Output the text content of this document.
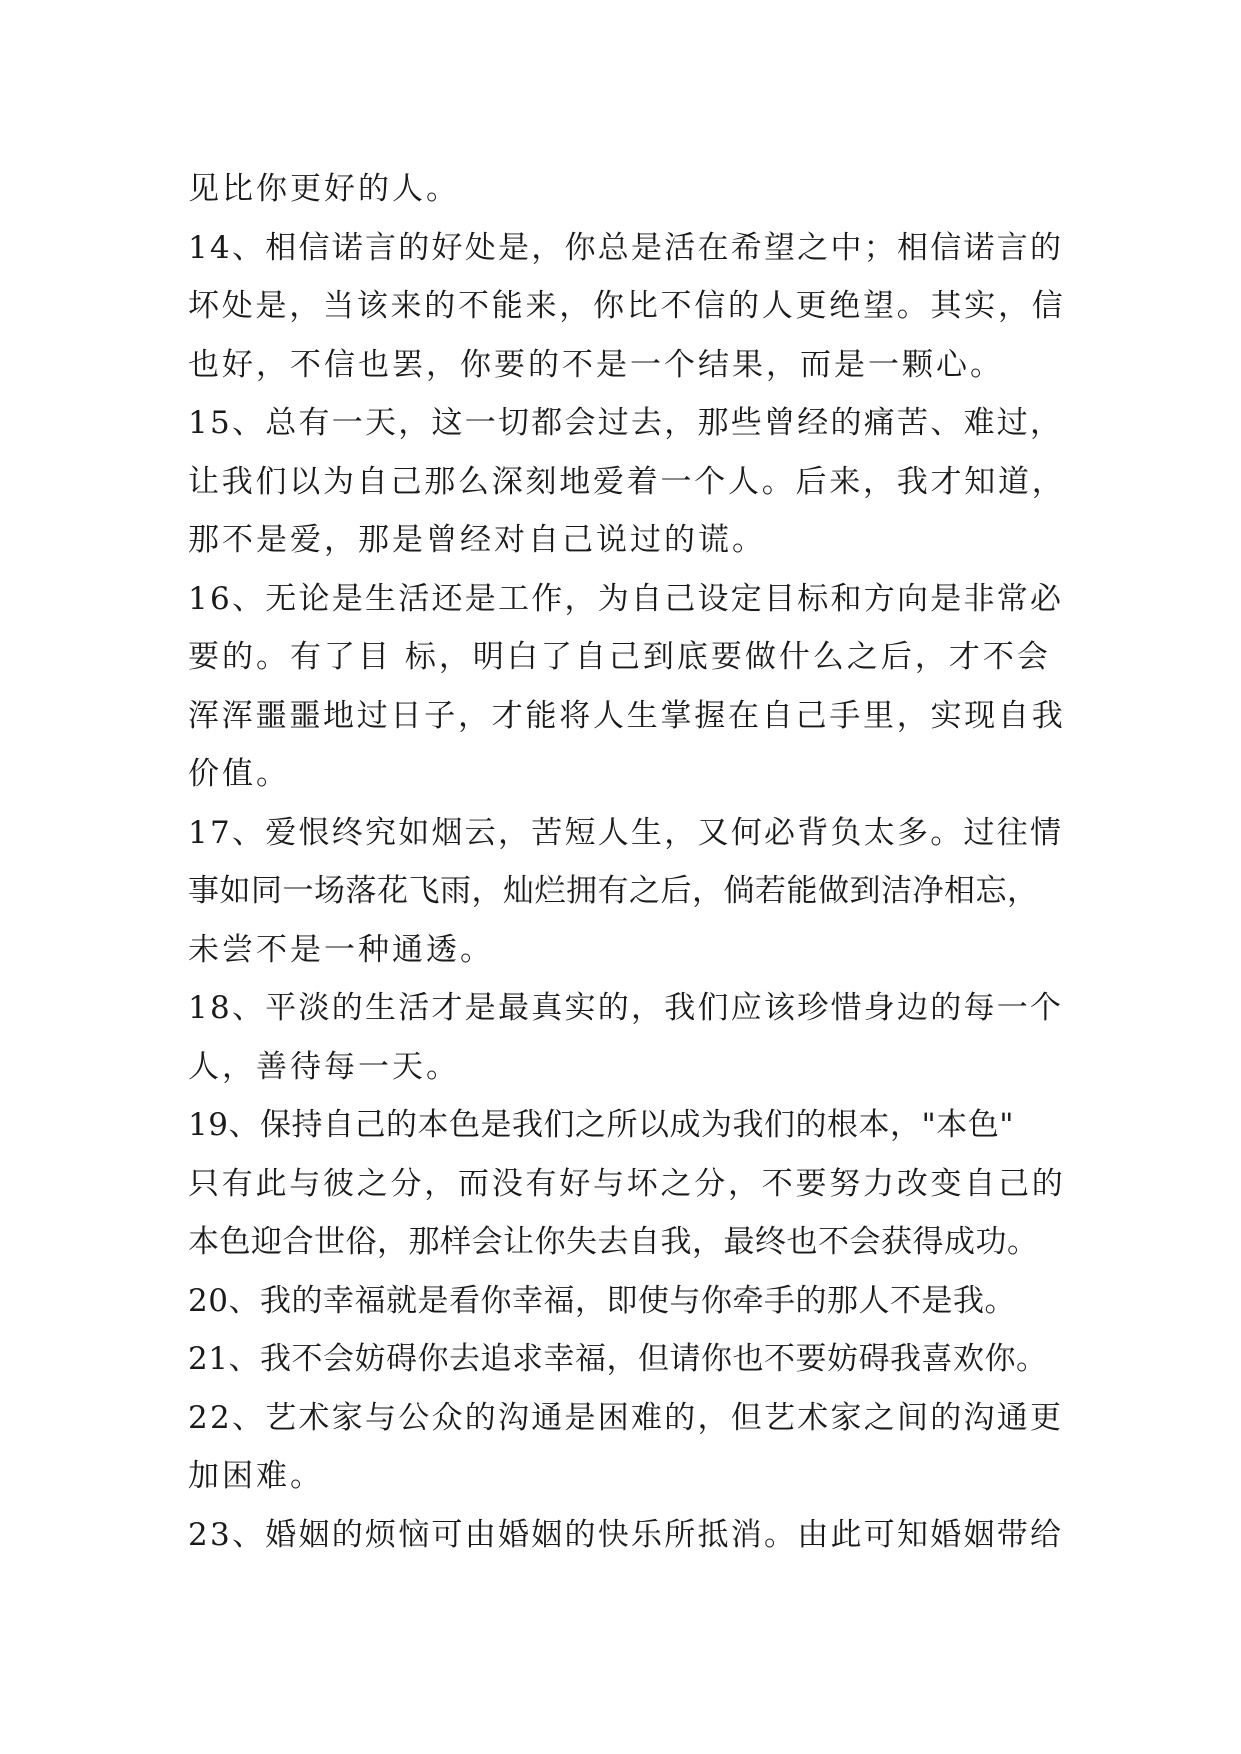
见比你更好的人。
14、相信诺言的好处是，你总是活在希望之中；相信诺言的
坏处是，当该来的不能来，你比不信的人更绝望。其实，信
也好，不信也罢，你要的不是一个结果，而是一颗心。
15、总有一天，这一切都会过去，那些曾经的痛苦、难过，
让我们以为自己那么深刻地爱着一个人。后来，我才知道，
那不是爱，那是曾经对自己说过的谎。
16、无论是生活还是工作，为自己设定目标和方向是非常必
要的。有了目 标，明白了自己到底要做什么之后，才不会
浑浑噩噩地过日子，才能将人生掌握在自己手里，实现自我
价值。
17、爱恨终究如烟云，苦短人生，又何必背负太多。过往情
事如同一场落花飞雨，灿烂拥有之后，倘若能做到洁净相忘，
未尝不是一种通透。
18、平淡的生活才是最真实的，我们应该珍惜身边的每一个
人，善待每一天。
19、保持自己的本色是我们之所以成为我们的根本，"本色"
只有此与彼之分，而没有好与坏之分，不要努力改变自己的
本色迎合世俗，那样会让你失去自我，最终也不会获得成功。
20、我的幸福就是看你幸福，即使与你牵手的那人不是我。
21、我不会妨碍你去追求幸福，但请你也不要妨碍我喜欢你。
22、艺术家与公众的沟通是困难的，但艺术家之间的沟通更
加困难。
23、婚姻的烦恼可由婚姻的快乐所抵消。由此可知婚姻带给
